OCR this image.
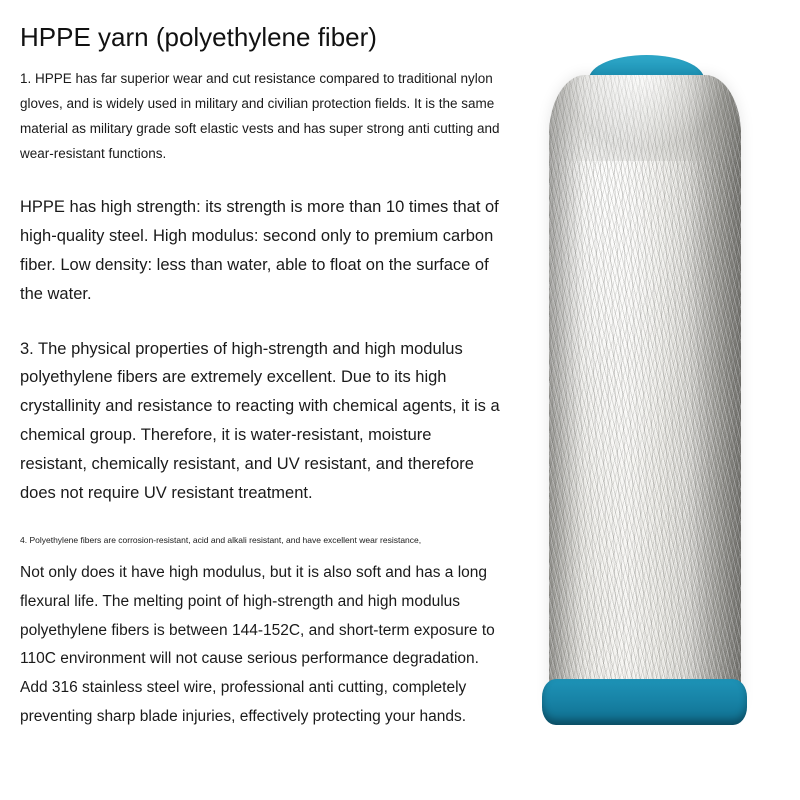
HPPE yarn (polyethylene fiber)

1. HPPE has far superior wear and cut resistance compared to traditional nylon gloves, and is widely used in military and civilian protection fields. It is the same material as military grade soft elastic vests and has super strong anti cutting and wear-resistant functions.

HPPE has high strength: its strength is more than 10 times that of high-quality steel. High modulus: second only to premium carbon fiber. Low density: less than water, able to float on the surface of the water.

3. The physical properties of high-strength and high modulus polyethylene fibers are extremely excellent. Due to its high crystallinity and resistance to reacting with chemical agents, it is a chemical group. Therefore, it is water-resistant, moisture resistant, chemically resistant, and UV resistant, and therefore does not require UV resistant treatment.

4. Polyethylene fibers are corrosion-resistant, acid and alkali resistant, and have excellent wear resistance,

Not only does it have high modulus, but it is also soft and has a long flexural life. The melting point of high-strength and high modulus polyethylene fibers is between 144-152C, and short-term exposure to 110C environment will not cause serious performance degradation. Add 316 stainless steel wire, professional anti cutting, completely preventing sharp blade injuries, effectively protecting your hands.
